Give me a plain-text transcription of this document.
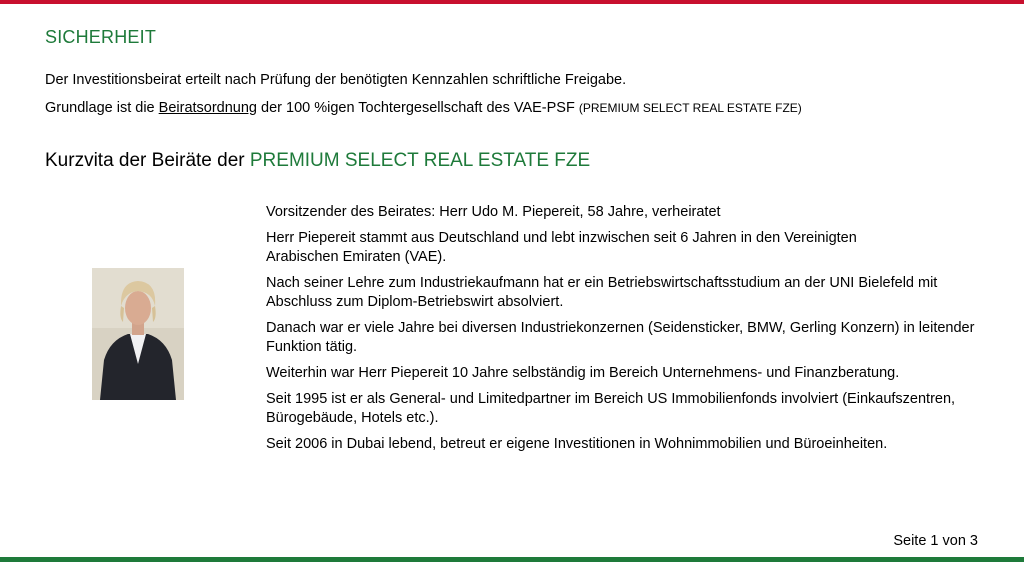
SICHERHEIT
Der Investitionsbeirat erteilt nach Prüfung der benötigten Kennzahlen schriftliche Freigabe.
Grundlage ist die Beiratsordnung der 100 %igen Tochtergesellschaft des VAE-PSF (PREMIUM SELECT REAL ESTATE FZE)
Kurzvita der Beiräte der PREMIUM SELECT REAL ESTATE FZE

Vorsitzender des Beirates: Herr Udo M. Piepereit, 58 Jahre, verheiratet

Herr Piepereit stammt aus Deutschland und lebt inzwischen seit 6 Jahren in den Vereinigten Arabischen Emiraten (VAE).

Nach seiner Lehre zum Industriekaufmann hat er ein Betriebswirtschaftsstudium an der UNI Bielefeld mit Abschluss zum Diplom-Betriebswirt absolviert.

Danach war er viele Jahre bei diversen Industriekonzernen (Seidensticker, BMW, Gerling Konzern) in leitender Funktion tätig.

Weiterhin war Herr Piepereit 10 Jahre selbständig im Bereich Unternehmens- und Finanzberatung.

Seit 1995 ist er als General- und Limitedpartner im Bereich US Immobilienfonds involviert (Einkaufszentren, Bürogebäude, Hotels etc.).

Seit 2006 in Dubai lebend, betreut er eigene Investitionen in Wohnimmobilien und Büroeinheiten.

Seite 1 von 3
